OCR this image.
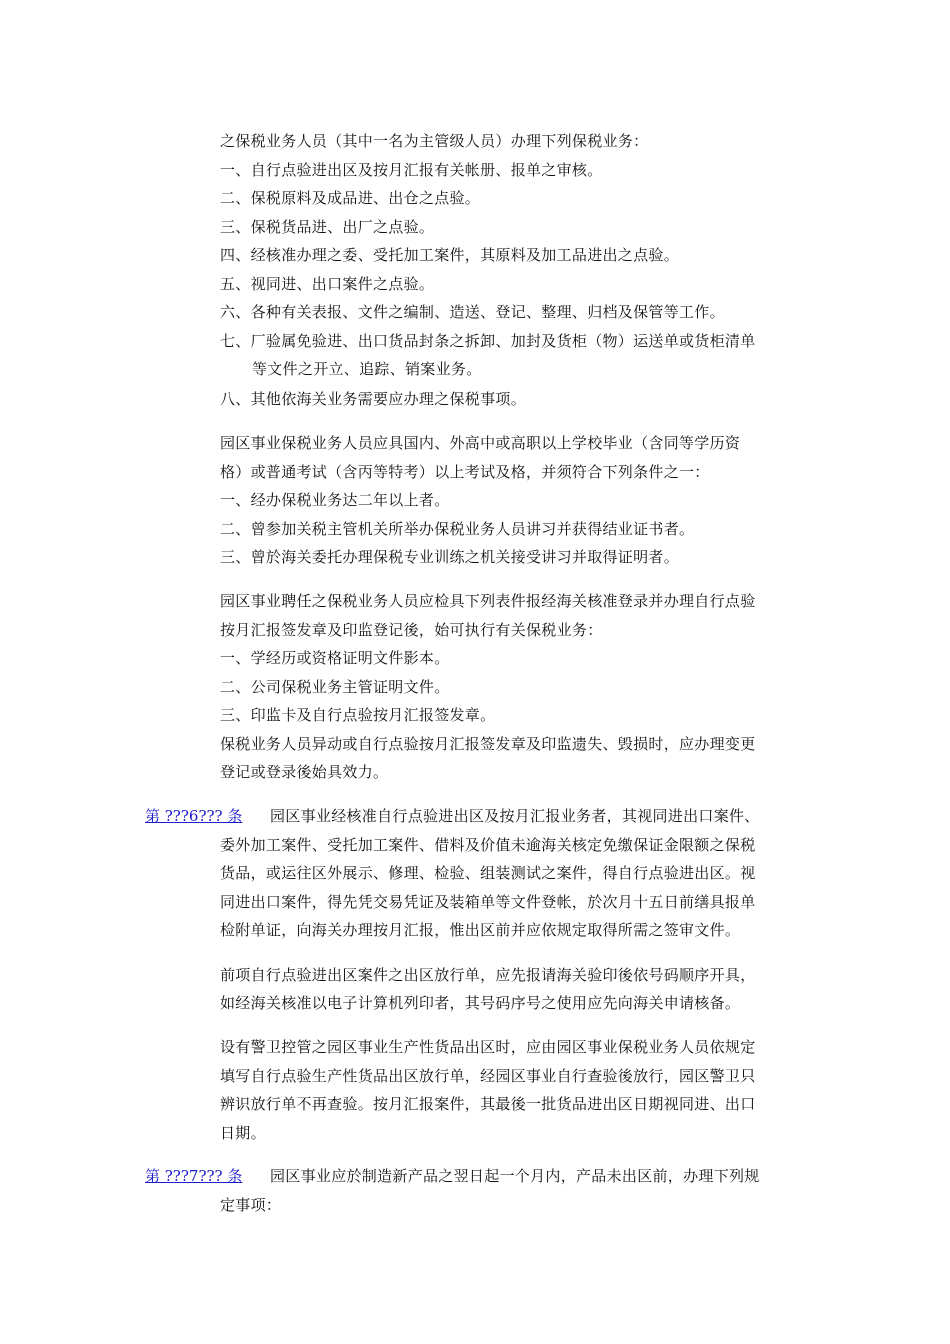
之保税业务人员（其中一名为主管级人员）办理下列保税业务：
一、自行点验进出区及按月汇报有关帐册、报单之审核。
二、保税原料及成品进、出仓之点验。
三、保税货品进、出厂之点验。
四、经核准办理之委、受托加工案件，其原料及加工品进出之点验。
五、视同进、出口案件之点验。
六、各种有关表报、文件之编制、造送、登记、整理、归档及保管等工作。
七、厂验属免验进、出口货品封条之拆卸、加封及货柜（物）运送单或货柜清单
等文件之开立、追踪、销案业务。
八、其他依海关业务需要应办理之保税事项。
园区事业保税业务人员应具国内、外高中或高职以上学校毕业（含同等学历资
格）或普通考试（含丙等特考）以上考试及格，并须符合下列条件之一：
一、经办保税业务达二年以上者。
二、曾参加关税主管机关所举办保税业务人员讲习并获得结业证书者。
三、曾於海关委托办理保税专业训练之机关接受讲习并取得证明者。
园区事业聘任之保税业务人员应检具下列表件报经海关核准登录并办理自行点验
按月汇报签发章及印监登记後，始可执行有关保税业务：
一、学经历或资格证明文件影本。
二、公司保税业务主管证明文件。
三、印监卡及自行点验按月汇报签发章。
保税业务人员异动或自行点验按月汇报签发章及印监遗失、毁损时，应办理变更
登记或登录後始具效力。
第 ???6??? 条 园区事业经核准自行点验进出区及按月汇报业务者，其视同进出口案件、
委外加工案件、受托加工案件、借料及价值未逾海关核定免缴保证金限额之保税
货品，或运往区外展示、修理、检验、组装测试之案件，得自行点验进出区。视
同进出口案件，得先凭交易凭证及装箱单等文件登帐，於次月十五日前缮具报单
检附单证，向海关办理按月汇报，惟出区前并应依规定取得所需之签审文件。
前项自行点验进出区案件之出区放行单，应先报请海关验印後依号码顺序开具，
如经海关核准以电子计算机列印者，其号码序号之使用应先向海关申请核备。
设有警卫控管之园区事业生产性货品出区时，应由园区事业保税业务人员依规定
填写自行点验生产性货品出区放行单，经园区事业自行查验後放行，园区警卫只
辨识放行单不再查验。按月汇报案件，其最後一批货品进出区日期视同进、出口
日期。
第 ???7??? 条 园区事业应於制造新产品之翌日起一个月内，产品未出区前，办理下列规
定事项：
